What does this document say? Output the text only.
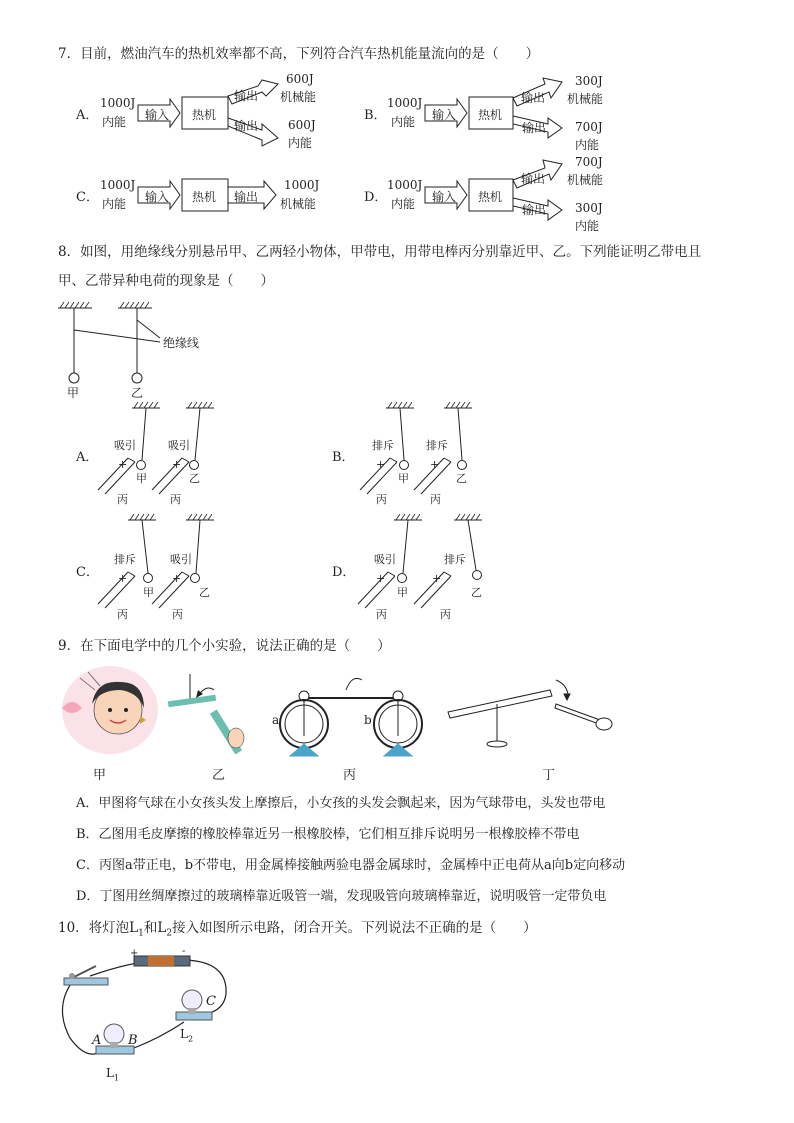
7．目前，燃油汽车的热机效率都不高，下列符合汽车热机能量流向的是（　　）
A．
1000J
内能 输入 热机
输出
输出
600J
机械能
600J
内能
B．
1000J
内能 输入 热机
输出
输出
300J
机械能
700J
内能
C．
1000J
内能 输入 热机 输出
1000J
机械能	D．
1000J
内能 输入 热机
输出
输出
700J
机械能
300J
内能
8．如图，用绝缘线分别悬吊甲、乙两轻小物体，甲带电，用带电棒丙分别靠近甲、乙。下列能证明乙带电且
甲、乙带异种电荷的现象是（　　）
绝缘线
甲	乙
A．
吸引	吸引
+	+
甲	乙
丙	丙
B．
排斥	排斥
+	+
甲	乙
丙	丙
C．
排斥	吸引
+	+
甲	乙
丙	丙
D．
吸引	排斥
+	+
甲	乙
丙	丙
9．在下面电学中的几个小实验，说法正确的是（　　）
甲	乙	丙	丁
a	b
A．甲图将气球在小女孩头发上摩擦后，小女孩的头发会飘起来，因为气球带电，头发也带电
B．乙图用毛皮摩擦的橡胶棒靠近另一根橡胶棒，它们相互排斥说明另一根橡胶棒不带电
C．丙图a带正电，b不带电，用金属棒接触两验电器金属球时，金属棒中正电荷从a向b定向移动
D．丁图用丝绸摩擦过的玻璃棒靠近吸管一端，发现吸管向玻璃棒靠近，说明吸管一定带负电
10．将灯泡$L_1$和$L_2$接入如图所示电路，闭合开关。下列说法不正确的是（　　）
+	-
C
$L_2$
A B
$L_1$
